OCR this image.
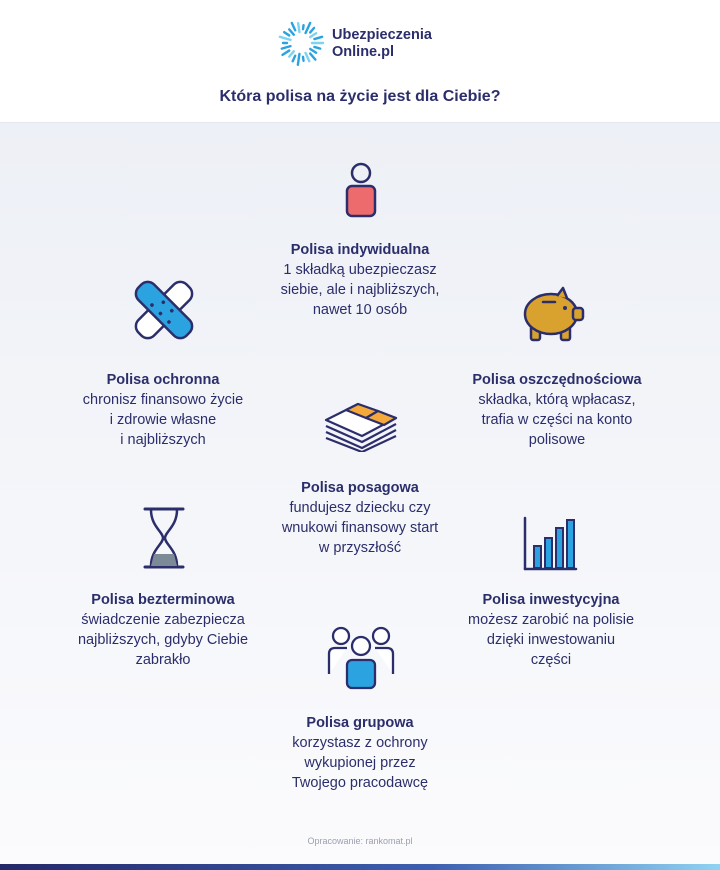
Ubezpieczenia
Online.pl
Która polisa na życie jest dla Ciebie?
Polisa indywidualna
1 składką ubezpieczasz
siebie, ale i najbliższych,
nawet 10 osób
Polisa ochronna
chronisz finansowo życie
i zdrowie własne
i najbliższych
Polisa oszczędnościowa
składka, którą wpłacasz,
trafia w części na konto
polisowe
Polisa posagowa
fundujesz dziecku czy
wnukowi finansowy start
w przyszłość
Polisa bezterminowa
świadczenie zabezpiecza
najbliższych, gdyby Ciebie
zabrakło
Polisa inwestycyjna
możesz zarobić na polisie
dzięki inwestowaniu
części
Polisa grupowa
korzystasz z ochrony
wykupionej przez
Twojego pracodawcę
Opracowanie: rankomat.pl
